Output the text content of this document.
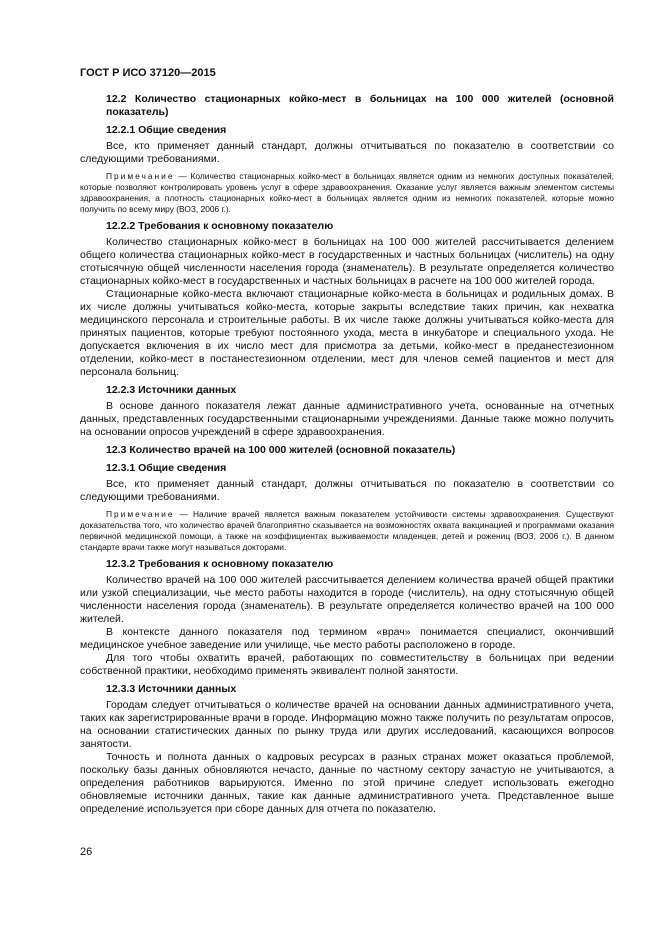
ГОСТ Р ИСО 37120—2015

12.2 Количество стационарных койко-мест в больницах на 100 000 жителей (основной показатель)

12.2.1 Общие сведения

Все, кто применяет данный стандарт, должны отчитываться по показателю в соответствии со следующими требованиями.

Примечание — Количество стационарных койко-мест в больницах является одним из немногих доступных показателей, которые позволяют контролировать уровень услуг в сфере здравоохранения. Оказание услуг является важным элементом системы здравоохранения, а плотность стационарных койко-мест в больницах является одним из немногих показателей, которые можно получить по всему миру (ВОЗ, 2006 г.).

12.2.2 Требования к основному показателю

Количество стационарных койко-мест в больницах на 100 000 жителей рассчитывается делением общего количества стационарных койко-мест в государственных и частных больницах (числитель) на одну стотысячную общей численности населения города (знаменатель). В результате определяется количество стационарных койко-мест в государственных и частных больницах в расчете на 100 000 жителей города.

Стационарные койко-места включают стационарные койко-места в больницах и родильных домах. В их числе должны учитываться койко-места, которые закрыты вследствие таких причин, как нехватка медицинского персонала и строительные работы. В их числе также должны учитываться койко-места для принятых пациентов, которые требуют постоянного ухода, места в инкубаторе и специального ухода. Не допускается включения в их число мест для присмотра за детьми, койко-мест в преданестезионном отделении, койко-мест в постанестезионном отделении, мест для членов семей пациентов и мест для персонала больниц.

12.2.3 Источники данных

В основе данного показателя лежат данные административного учета, основанные на отчетных данных, представленных государственными стационарными учреждениями. Данные также можно получить на основании опросов учреждений в сфере здравоохранения.

12.3 Количество врачей на 100 000 жителей (основной показатель)

12.3.1 Общие сведения

Все, кто применяет данный стандарт, должны отчитываться по показателю в соответствии со следующими требованиями.

Примечание — Наличие врачей является важным показателем устойчивости системы здравоохранения. Существуют доказательства того, что количество врачей благоприятно сказывается на возможностях охвата вакцинацией и программами оказания первичной медицинской помощи, а также на коэффициентах выживаемости младенцев, детей и рожениц (ВОЗ, 2006 г.). В данном стандарте врачи также могут называться докторами.

12.3.2 Требования к основному показателю

Количество врачей на 100 000 жителей рассчитывается делением количества врачей общей практики или узкой специализации, чье место работы находится в городе (числитель), на одну стотысячную общей численности населения города (знаменатель). В результате определяется количество врачей на 100 000 жителей.

В контексте данного показателя под термином «врач» понимается специалист, окончивший медицинское учебное заведение или училище, чье место работы расположено в городе.

Для того чтобы охватить врачей, работающих по совместительству в больницах при ведении собственной практики, необходимо применять эквивалент полной занятости.

12.3.3 Источники данных

Городам следует отчитываться о количестве врачей на основании данных административного учета, таких как зарегистрированные врачи в городе. Информацию можно также получить по результатам опросов, на основании статистических данных по рынку труда или других исследований, касающихся вопросов занятости.

Точность и полнота данных о кадровых ресурсах в разных странах может оказаться проблемой, поскольку базы данных обновляются нечасто, данные по частному сектору зачастую не учитываются, а определения работников варьируются. Именно по этой причине следует использовать ежегодно обновляемые источники данных, такие как данные административного учета. Представленное выше определение используется при сборе данных для отчета по показателю.

26
